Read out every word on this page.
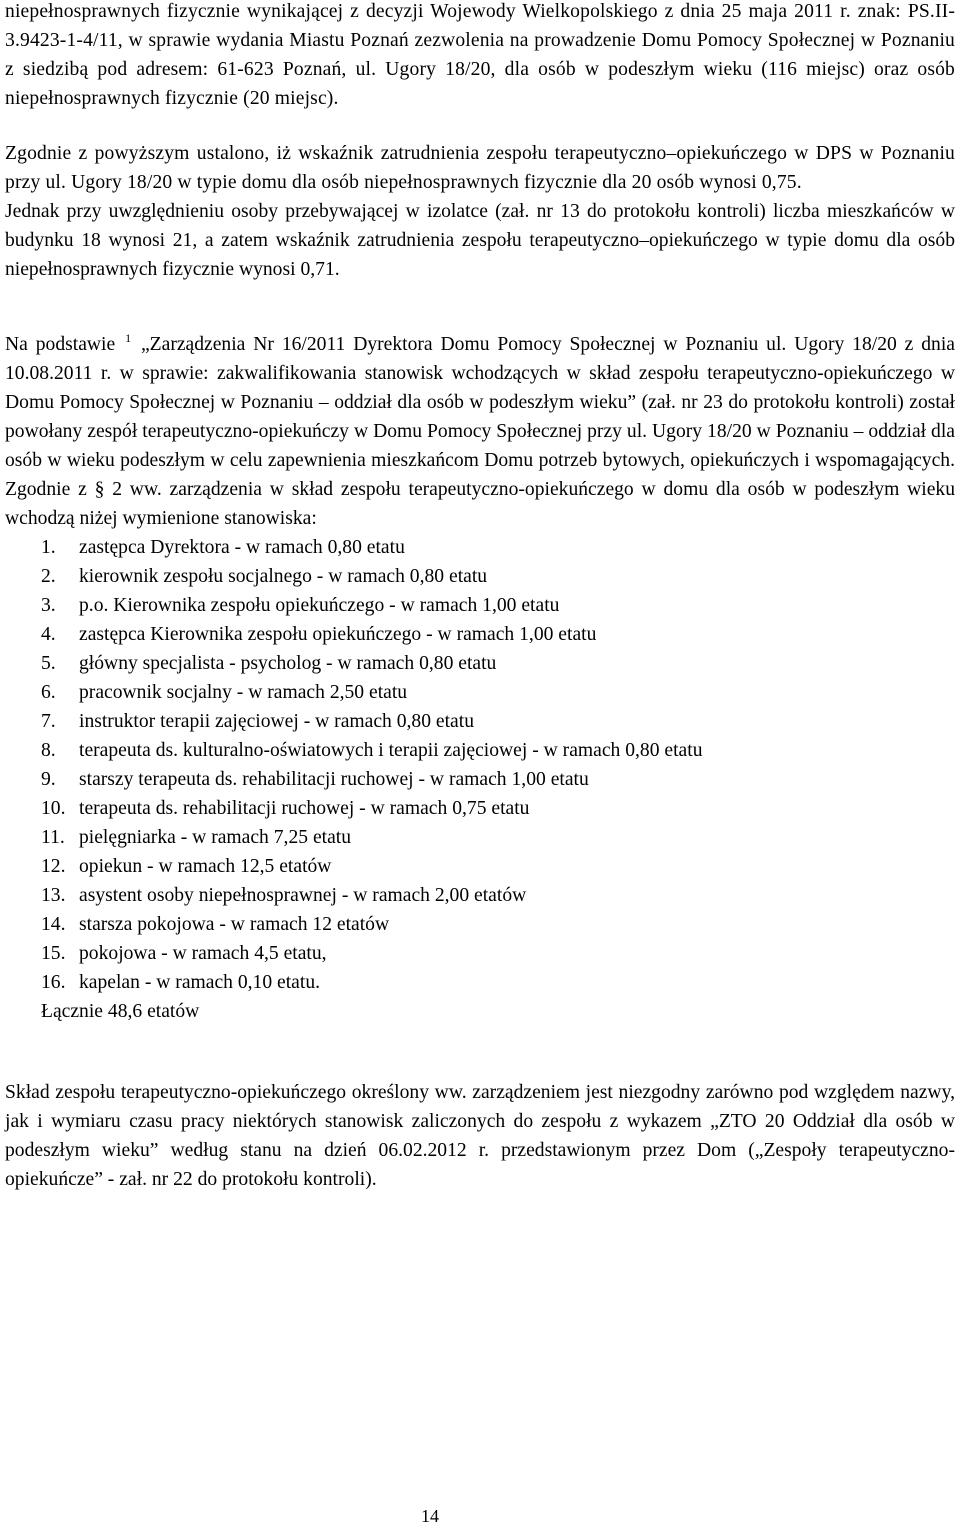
niepełnosprawnych fizycznie wynikającej z decyzji Wojewody Wielkopolskiego z dnia 25 maja 2011 r. znak: PS.II-3.9423-1-4/11, w sprawie wydania Miastu Poznań zezwolenia na prowadzenie Domu Pomocy Społecznej w Poznaniu z siedzibą pod adresem: 61-623 Poznań, ul. Ugory 18/20, dla osób w podeszłym wieku (116 miejsc) oraz osób niepełnosprawnych fizycznie (20 miejsc).

Zgodnie z powyższym ustalono, iż wskaźnik zatrudnienia zespołu terapeutyczno–opiekuńczego w DPS w Poznaniu przy ul. Ugory 18/20 w typie domu dla osób niepełnosprawnych fizycznie dla 20 osób wynosi 0,75.

Jednak przy uwzględnieniu osoby przebywającej w izolatce (zał. nr 13 do protokołu kontroli) liczba mieszkańców w budynku 18 wynosi 21, a zatem wskaźnik zatrudnienia zespołu terapeutyczno–opiekuńczego w typie domu dla osób niepełnosprawnych fizycznie wynosi 0,71.

Na podstawie 1 „Zarządzenia Nr 16/2011 Dyrektora Domu Pomocy Społecznej w Poznaniu ul. Ugory 18/20 z dnia 10.08.2011 r. w sprawie: zakwalifikowania stanowisk wchodzących w skład zespołu terapeutyczno-opiekuńczego w Domu Pomocy Społecznej w Poznaniu – oddział dla osób w podeszłym wieku” (zał. nr 23 do protokołu kontroli) został powołany zespół terapeutyczno-opiekuńczy w Domu Pomocy Społecznej przy ul. Ugory 18/20 w Poznaniu – oddział dla osób w wieku podeszłym w celu zapewnienia mieszkańcom Domu potrzeb bytowych, opiekuńczych i wspomagających. Zgodnie z § 2 ww. zarządzenia w skład zespołu terapeutyczno-opiekuńczego w domu dla osób w podeszłym wieku wchodzą niżej wymienione stanowiska:

1. zastępca Dyrektora - w ramach 0,80 etatu
2. kierownik zespołu socjalnego - w ramach 0,80 etatu
3. p.o. Kierownika zespołu opiekuńczego - w ramach 1,00 etatu
4. zastępca Kierownika zespołu opiekuńczego - w ramach 1,00 etatu
5. główny specjalista - psycholog - w ramach 0,80 etatu
6. pracownik socjalny - w ramach 2,50 etatu
7. instruktor terapii zajęciowej - w ramach 0,80 etatu
8. terapeuta ds. kulturalno-oświatowych i terapii zajęciowej - w ramach 0,80 etatu
9. starszy terapeuta ds. rehabilitacji ruchowej - w ramach 1,00 etatu
10. terapeuta ds. rehabilitacji ruchowej - w ramach 0,75 etatu
11. pielęgniarka - w ramach 7,25 etatu
12. opiekun - w ramach 12,5 etatów
13. asystent osoby niepełnosprawnej - w ramach 2,00 etatów
14. starsza pokojowa - w ramach 12 etatów
15. pokojowa - w ramach 4,5 etatu,
16. kapelan - w ramach 0,10 etatu.

Łącznie 48,6 etatów

Skład zespołu terapeutyczno-opiekuńczego określony ww. zarządzeniem jest niezgodny zarówno pod względem nazwy, jak i wymiaru czasu pracy niektórych stanowisk zaliczonych do zespołu z wykazem „ZTO 20 Oddział dla osób w podeszłym wieku” według stanu na dzień 06.02.2012 r. przedstawionym przez Dom („Zespoły terapeutyczno-opiekuńcze” - zał. nr 22 do protokołu kontroli).

14
